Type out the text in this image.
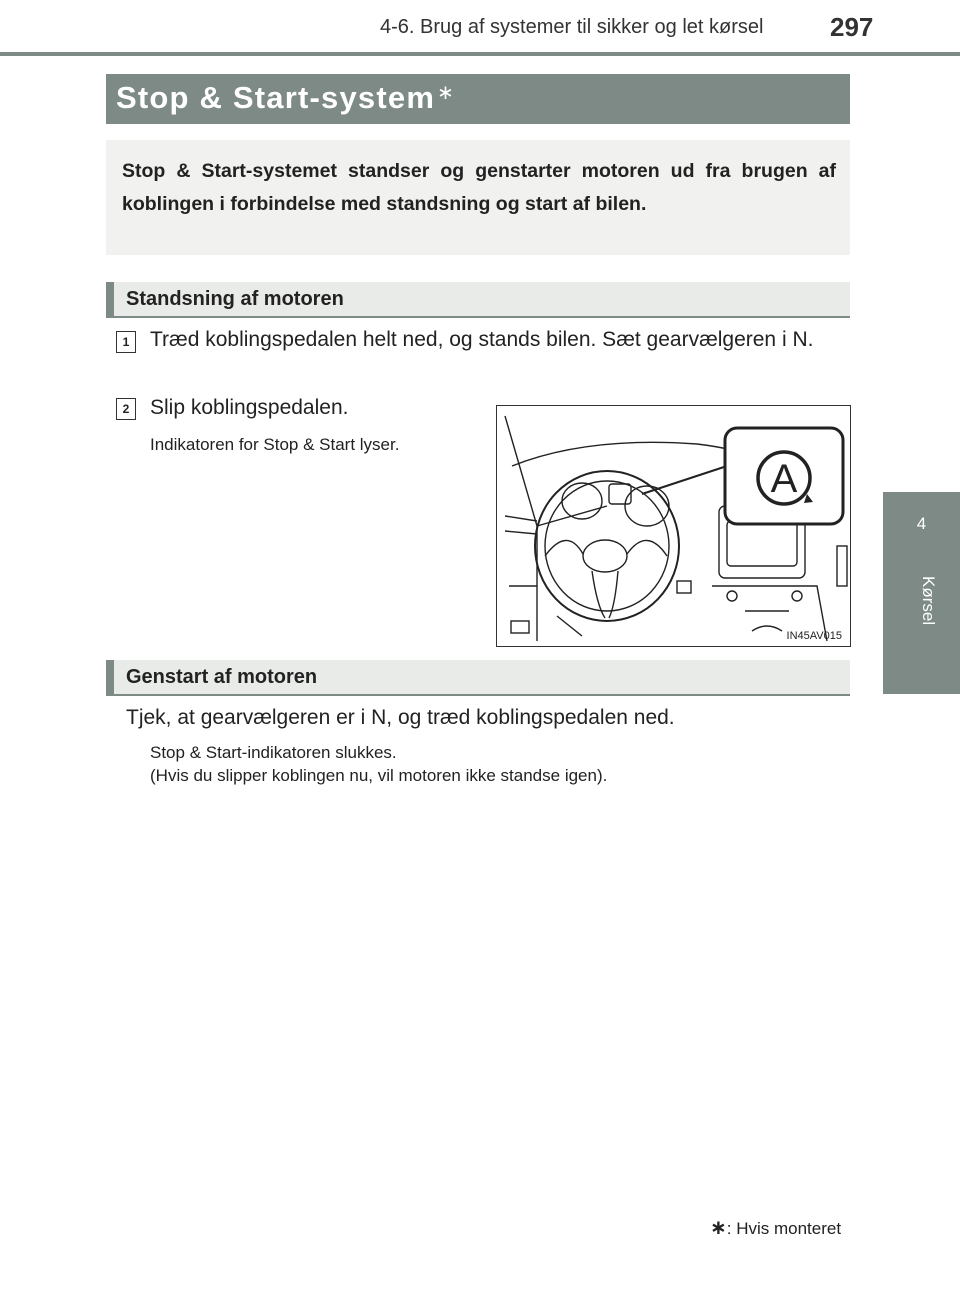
4-6. Brug af systemer til sikker og let kørsel	297
4
Kørsel
Stop & Start-system ∗
Stop & Start-systemet standser og genstarter motoren ud fra brugen af koblingen i forbindelse med standsning og start af bilen.
Standsning af motoren
1 Træd koblingspedalen helt ned, og stands bilen. Sæt gearvælgeren i N.
2 Slip koblingspedalen.
Indikatoren for Stop & Start lyser.
A
IN45AV015
Genstart af motoren
Tjek, at gearvælgeren er i N, og træd koblingspedalen ned.
Stop & Start-indikatoren slukkes.
(Hvis du slipper koblingen nu, vil motoren ikke standse igen).
∗: Hvis monteret
